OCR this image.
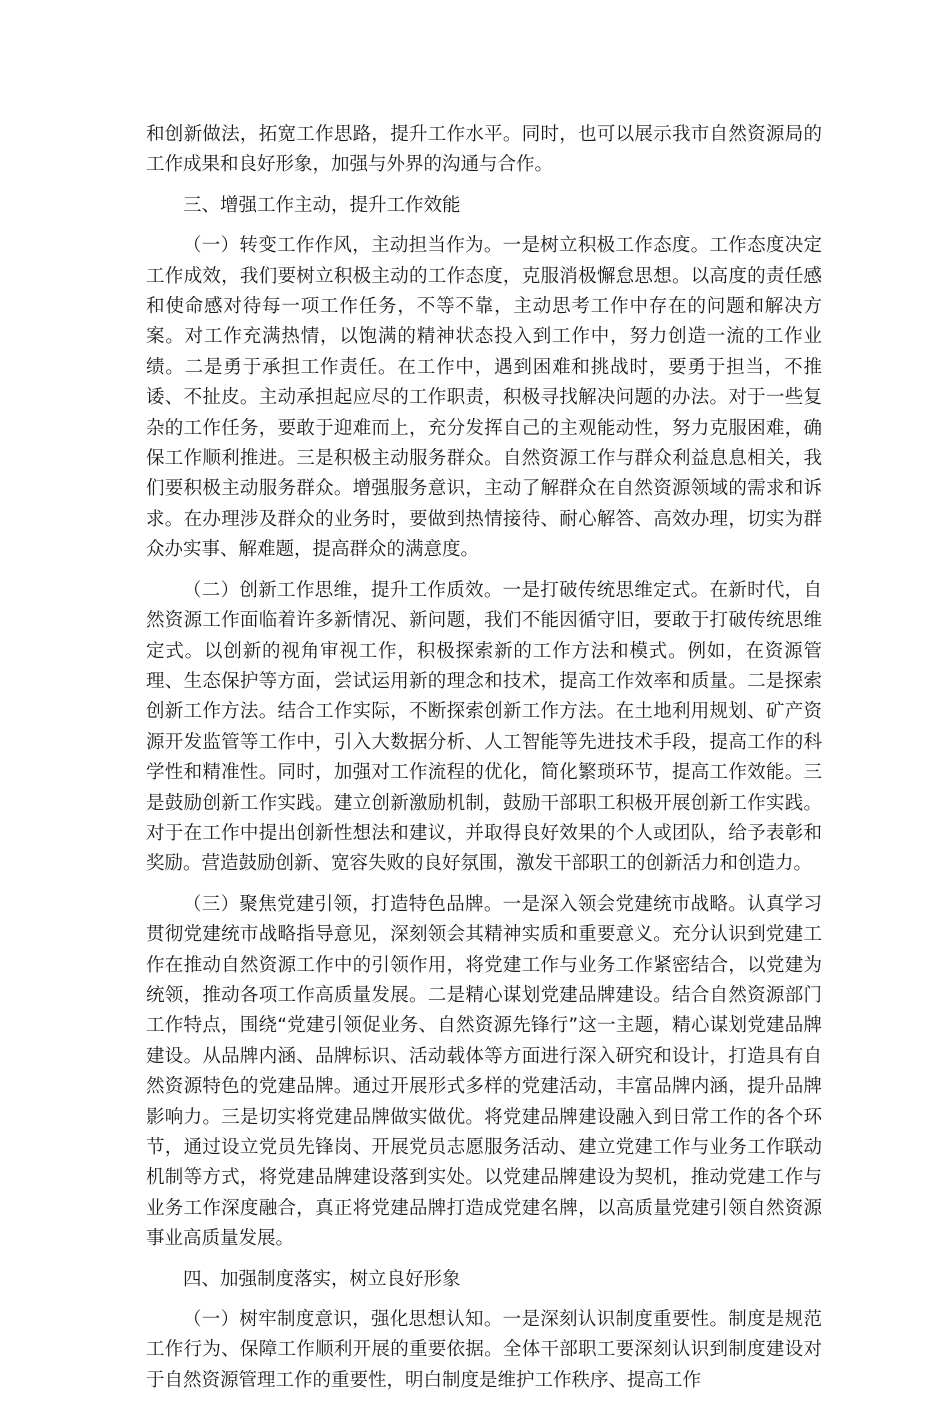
和创新做法，拓宽工作思路，提升工作水平。同时，也可以展示我市自然资源局的工作成果和良好形象，加强与外界的沟通与合作。

三、增强工作主动，提升工作效能

（一）转变工作作风，主动担当作为。一是树立积极工作态度。工作态度决定工作成效，我们要树立积极主动的工作态度，克服消极懈怠思想。以高度的责任感和使命感对待每一项工作任务，不等不靠，主动思考工作中存在的问题和解决方案。对工作充满热情，以饱满的精神状态投入到工作中，努力创造一流的工作业绩。二是勇于承担工作责任。在工作中，遇到困难和挑战时，要勇于担当，不推诿、不扯皮。主动承担起应尽的工作职责，积极寻找解决问题的办法。对于一些复杂的工作任务，要敢于迎难而上，充分发挥自己的主观能动性，努力克服困难，确保工作顺利推进。三是积极主动服务群众。自然资源工作与群众利益息息相关，我们要积极主动服务群众。增强服务意识，主动了解群众在自然资源领域的需求和诉求。在办理涉及群众的业务时，要做到热情接待、耐心解答、高效办理，切实为群众办实事、解难题，提高群众的满意度。

（二）创新工作思维，提升工作质效。一是打破传统思维定式。在新时代，自然资源工作面临着许多新情况、新问题，我们不能因循守旧，要敢于打破传统思维定式。以创新的视角审视工作，积极探索新的工作方法和模式。例如，在资源管理、生态保护等方面，尝试运用新的理念和技术，提高工作效率和质量。二是探索创新工作方法。结合工作实际，不断探索创新工作方法。在土地利用规划、矿产资源开发监管等工作中，引入大数据分析、人工智能等先进技术手段，提高工作的科学性和精准性。同时，加强对工作流程的优化，简化繁琐环节，提高工作效能。三是鼓励创新工作实践。建立创新激励机制，鼓励干部职工积极开展创新工作实践。对于在工作中提出创新性想法和建议，并取得良好效果的个人或团队，给予表彰和奖励。营造鼓励创新、宽容失败的良好氛围，激发干部职工的创新活力和创造力。

（三）聚焦党建引领，打造特色品牌。一是深入领会党建统市战略。认真学习贯彻党建统市战略指导意见，深刻领会其精神实质和重要意义。充分认识到党建工作在推动自然资源工作中的引领作用，将党建工作与业务工作紧密结合，以党建为统领，推动各项工作高质量发展。二是精心谋划党建品牌建设。结合自然资源部门工作特点，围绕“党建引领促业务、自然资源先锋行”这一主题，精心谋划党建品牌建设。从品牌内涵、品牌标识、活动载体等方面进行深入研究和设计，打造具有自然资源特色的党建品牌。通过开展形式多样的党建活动，丰富品牌内涵，提升品牌影响力。三是切实将党建品牌做实做优。将党建品牌建设融入到日常工作的各个环节，通过设立党员先锋岗、开展党员志愿服务活动、建立党建工作与业务工作联动机制等方式，将党建品牌建设落到实处。以党建品牌建设为契机，推动党建工作与业务工作深度融合，真正将党建品牌打造成党建名牌，以高质量党建引领自然资源事业高质量发展。

四、加强制度落实，树立良好形象

（一）树牢制度意识，强化思想认知。一是深刻认识制度重要性。制度是规范工作行为、保障工作顺利开展的重要依据。全体干部职工要深刻认识到制度建设对于自然资源管理工作的重要性，明白制度是维护工作秩序、提高工作
